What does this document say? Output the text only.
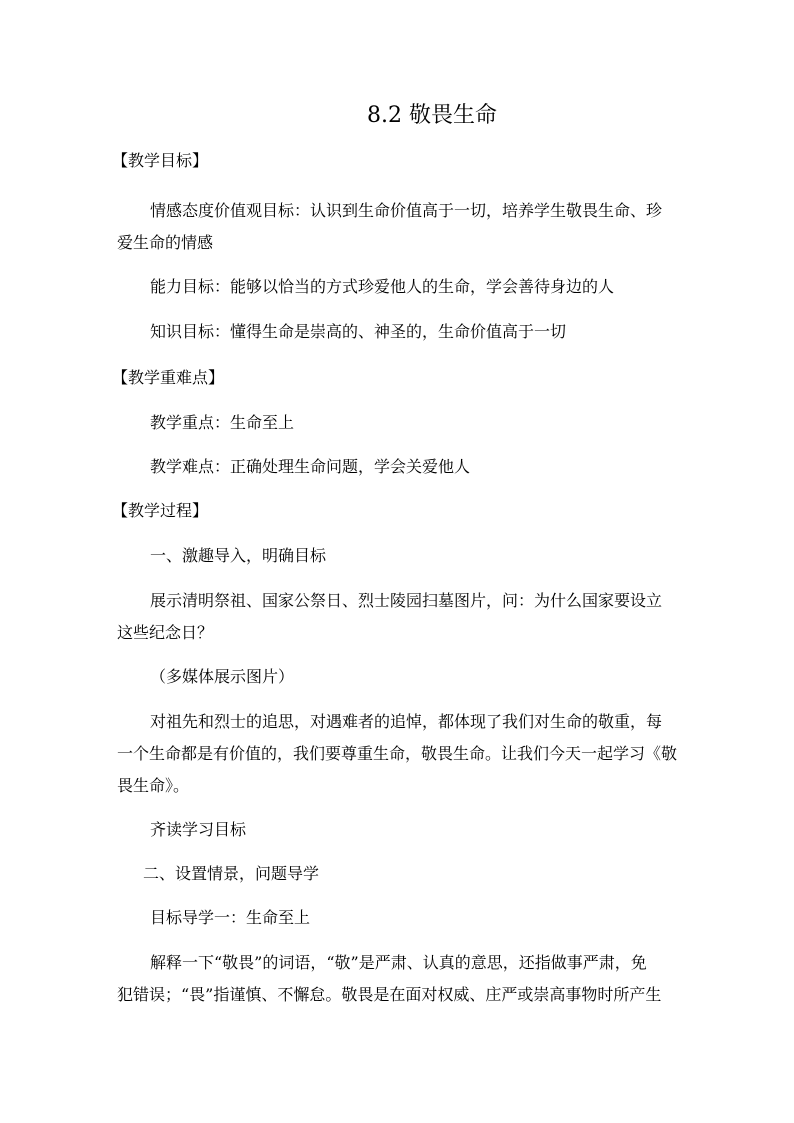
8.2 敬畏生命
【教学目标】
情感态度价值观目标：认识到生命价值高于一切，培养学生敬畏生命、珍
爱生命的情感
能力目标：能够以恰当的方式珍爱他人的生命，学会善待身边的人
知识目标：懂得生命是崇高的、神圣的，生命价值高于一切
【教学重难点】
教学重点：生命至上
教学难点：正确处理生命问题，学会关爱他人
【教学过程】
一、激趣导入，明确目标
展示清明祭祖、国家公祭日、烈士陵园扫墓图片，问：为什么国家要设立
这些纪念日？
（多媒体展示图片）
对祖先和烈士的追思，对遇难者的追悼，都体现了我们对生命的敬重，每
一个生命都是有价值的，我们要尊重生命，敬畏生命。让我们今天一起学习《敬
畏生命》。
齐读学习目标
二、设置情景，问题导学
目标导学一：生命至上
解释一下“敬畏”的词语，“敬”是严肃、认真的意思，还指做事严肃，免
犯错误；“畏”指谨慎、不懈怠。敬畏是在面对权威、庄严或崇高事物时所产生
